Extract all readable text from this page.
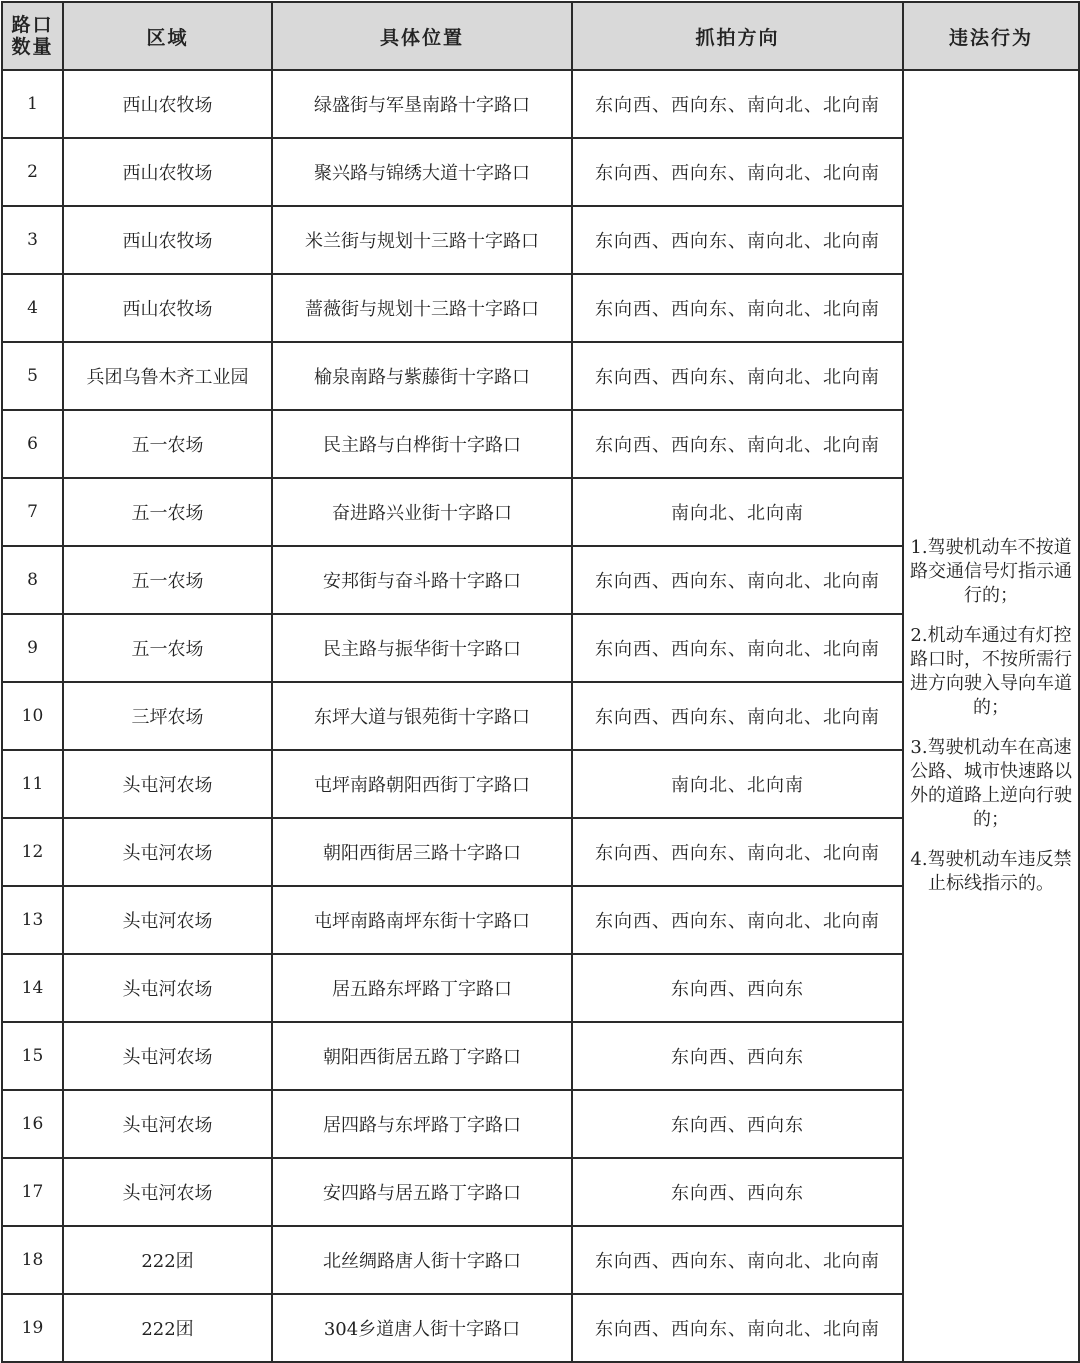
路口
数量	区域	具体位置	抓拍方向	违法行为
1	西山农牧场	绿盛街与军垦南路十字路口	东向西、西向东、南向北、北向南	1.驾驶机动车不按道路交通信号灯指示通行的；

2.机动车通过有灯控路口时，不按所需行进方向驶入导向车道的；

3.驾驶机动车在高速公路、城市快速路以外的道路上逆向行驶的；

4.驾驶机动车违反禁止标线指示的。

2	西山农牧场	聚兴路与锦绣大道十字路口	东向西、西向东、南向北、北向南	
3	西山农牧场	米兰街与规划十三路十字路口	东向西、西向东、南向北、北向南	
4	西山农牧场	蔷薇街与规划十三路十字路口	东向西、西向东、南向北、北向南	
5	兵团乌鲁木齐工业园	榆泉南路与紫藤街十字路口	东向西、西向东、南向北、北向南	
6	五一农场	民主路与白桦街十字路口	东向西、西向东、南向北、北向南	
7	五一农场	奋进路兴业街十字路口	南向北、北向南	
8	五一农场	安邦街与奋斗路十字路口	东向西、西向东、南向北、北向南	
9	五一农场	民主路与振华街十字路口	东向西、西向东、南向北、北向南	
10	三坪农场	东坪大道与银苑街十字路口	东向西、西向东、南向北、北向南	
11	头屯河农场	屯坪南路朝阳西街丁字路口	南向北、北向南	
12	头屯河农场	朝阳西街居三路十字路口	东向西、西向东、南向北、北向南	
13	头屯河农场	屯坪南路南坪东街十字路口	东向西、西向东、南向北、北向南	
14	头屯河农场	居五路东坪路丁字路口	东向西、西向东	
15	头屯河农场	朝阳西街居五路丁字路口	东向西、西向东	
16	头屯河农场	居四路与东坪路丁字路口	东向西、西向东	
17	头屯河农场	安四路与居五路丁字路口	东向西、西向东	
18	222团	北丝绸路唐人街十字路口	东向西、西向东、南向北、北向南	
19	222团	304乡道唐人街十字路口	东向西、西向东、南向北、北向南	
